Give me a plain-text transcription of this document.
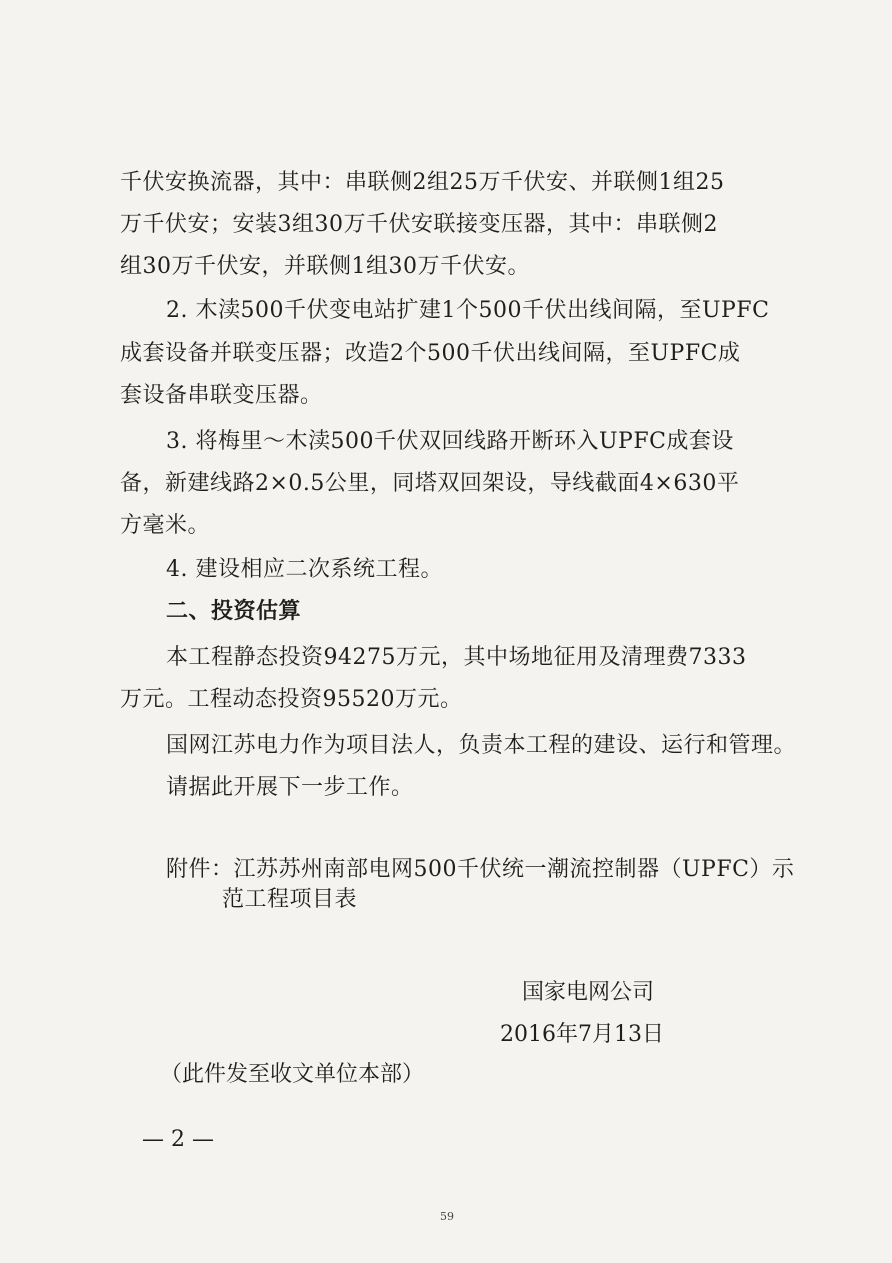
千伏安换流器，其中：串联侧2组25万千伏安、并联侧1组25
万千伏安；安装3组30万千伏安联接变压器，其中：串联侧2
组30万千伏安，并联侧1组30万千伏安。
2. 木渎500千伏变电站扩建1个500千伏出线间隔，至UPFC
成套设备并联变压器；改造2个500千伏出线间隔，至UPFC成
套设备串联变压器。
3. 将梅里～木渎500千伏双回线路开断环入UPFC成套设
备，新建线路2×0.5公里，同塔双回架设，导线截面4×630平
方毫米。
4. 建设相应二次系统工程。
二、投资估算
本工程静态投资94275万元，其中场地征用及清理费7333
万元。工程动态投资95520万元。
国网江苏电力作为项目法人，负责本工程的建设、运行和管理。
请据此开展下一步工作。
附件：江苏苏州南部电网500千伏统一潮流控制器（UPFC）示
范工程项目表
国家电网公司
2016年7月13日
（此件发至收文单位本部）
— 2 —
59
